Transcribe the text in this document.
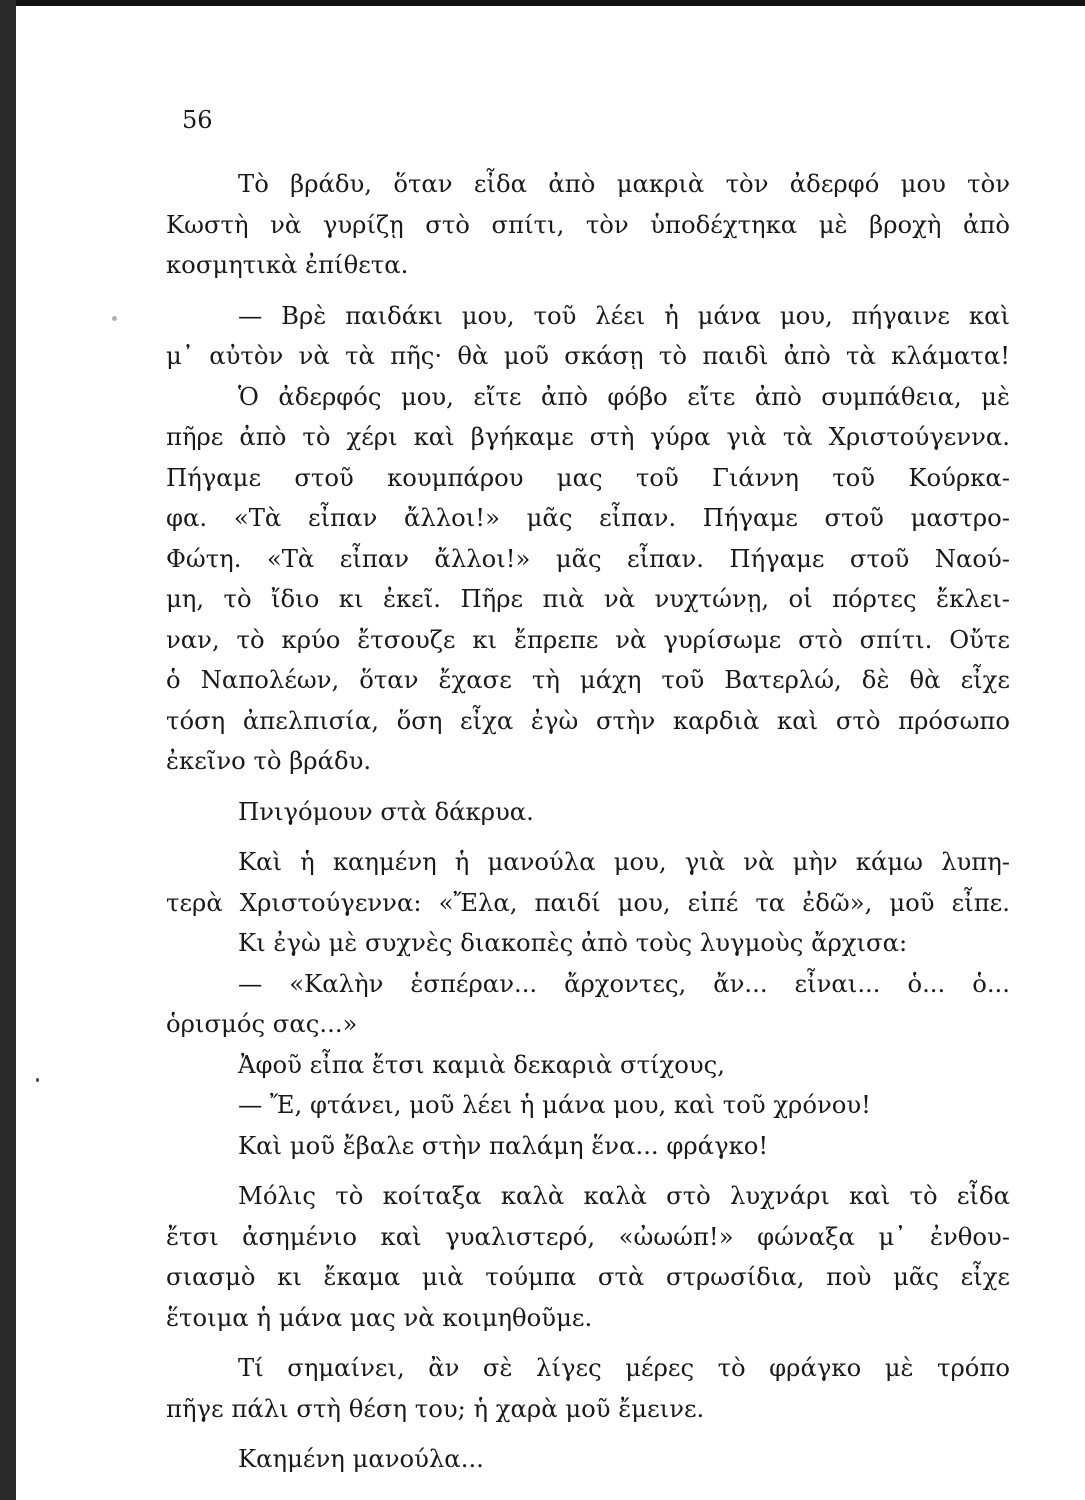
56

Τὸ βράδυ, ὅταν εἶδα ἀπὸ μακριὰ τὸν ἀδερφό μου τὸν
Κωστὴ νὰ γυρίζῃ στὸ σπίτι, τὸν ὑποδέχτηκα μὲ βροχὴ ἀπὸ
κοσμητικὰ ἐπίθετα.

— Βρὲ παιδάκι μου, τοῦ λέει ἡ μάνα μου, πήγαινε καὶ
μ᾽ αὐτὸν νὰ τὰ πῆς· θὰ μοῦ σκάσῃ τὸ παιδὶ ἀπὸ τὰ κλάματα!

Ὁ ἀδερφός μου, εἴτε ἀπὸ φόβο εἴτε ἀπὸ συμπάθεια, μὲ
πῆρε ἀπὸ τὸ χέρι καὶ βγήκαμε στὴ γύρα γιὰ τὰ Χριστούγεννα.
Πήγαμε στοῦ κουμπάρου μας τοῦ Γιάννη τοῦ Κούρκα-
φα. «Τὰ εἶπαν ἄλλοι!» μᾶς εἶπαν. Πήγαμε στοῦ μαστρο-
Φώτη. «Τὰ εἶπαν ἄλλοι!» μᾶς εἶπαν. Πήγαμε στοῦ Ναού-
μη, τὸ ἴδιο κι ἐκεῖ. Πῆρε πιὰ νὰ νυχτώνῃ, οἱ πόρτες ἔκλει-
ναν, τὸ κρύο ἔτσουζε κι ἔπρεπε νὰ γυρίσωμε στὸ σπίτι. Οὔτε
ὁ Ναπολέων, ὅταν ἔχασε τὴ μάχη τοῦ Βατερλώ, δὲ θὰ εἶχε
τόση ἀπελπισία, ὅση εἶχα ἐγὼ στὴν καρδιὰ καὶ στὸ πρόσωπο
ἐκεῖνο τὸ βράδυ.

Πνιγόμουν στὰ δάκρυα.

Καὶ ἡ καημένη ἡ μανούλα μου, γιὰ νὰ μὴν κάμω λυπη-
τερὰ Χριστούγεννα: «Ἔλα, παιδί μου, εἰπέ τα ἐδῶ», μοῦ εἶπε.

Κι ἐγὼ μὲ συχνὲς διακοπὲς ἀπὸ τοὺς λυγμοὺς ἄρχισα:

— «Καλὴν ἑσπέραν... ἄρχοντες, ἄν... εἶναι... ὁ... ὁ...
ὁρισμός σας...»

Ἀφοῦ εἶπα ἔτσι καμιὰ δεκαριὰ στίχους,

— Ἔ, φτάνει, μοῦ λέει ἡ μάνα μου, καὶ τοῦ χρόνου!

Καὶ μοῦ ἔβαλε στὴν παλάμη ἕνα... φράγκο!

Μόλις τὸ κοίταξα καλὰ καλὰ στὸ λυχνάρι καὶ τὸ εἶδα
ἔτσι ἀσημένιο καὶ γυαλιστερό, «ὠωώπ!» φώναξα μ᾽ ἐνθου-
σιασμὸ κι ἔκαμα μιὰ τούμπα στὰ στρωσίδια, ποὺ μᾶς εἶχε
ἕτοιμα ἡ μάνα μας νὰ κοιμηθοῦμε.

Τί σημαίνει, ἂν σὲ λίγες μέρες τὸ φράγκο μὲ τρόπο
πῆγε πάλι στὴ θέση του; ἡ χαρὰ μοῦ ἔμεινε.

Καημένη μανούλα...
